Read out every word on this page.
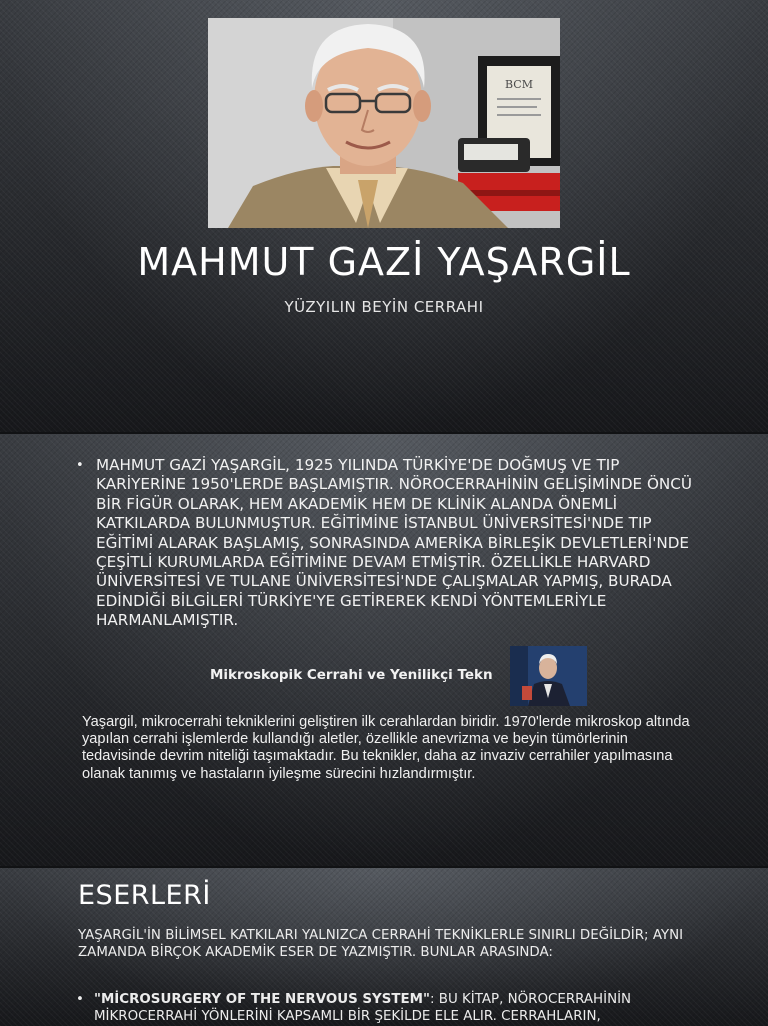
BCM
MAHMUT GAZİ YAŞARGİL

YÜZYILIN BEYİN CERRAHI

• MAHMUT GAZİ YAŞARGİL, 1925 YILINDA TÜRKİYE'DE DOĞMUŞ VE TIP KARİYERİNE 1950'LERDE BAŞLAMIŞTIR. NÖROCERRAHİNİN GELİŞİMİNDE ÖNCÜ BİR FİGÜR OLARAK, HEM AKADEMİK HEM DE KLİNİK ALANDA ÖNEMLİ KATKILARDA BULUNMUŞTUR. EĞİTİMİNE İSTANBUL ÜNİVERSİTESİ'NDE TIP EĞİTİMİ ALARAK BAŞLAMIŞ, SONRASINDA AMERİKA BİRLEŞİK DEVLETLERİ'NDE ÇEŞİTLİ KURUMLARDA EĞİTİMİNE DEVAM ETMİŞTİR. ÖZELLİKLE HARVARD ÜNİVERSİTESİ VE TULANE ÜNİVERSİTESİ'NDE ÇALIŞMALAR YAPMIŞ, BURADA EDİNDİĞİ BİLGİLERİ TÜRKİYE'YE GETİREREK KENDİ YÖNTEMLERİYLE HARMANLAMIŞTIR.

Mikroskopik Cerrahi ve Yenilikçi Tekn

Yaşargil, mikrocerrahi tekniklerini geliştiren ilk cerahlardan biridir. 1970'lerde mikroskop altında yapılan cerrahi işlemlerde kullandığı aletler, özellikle anevrizma ve beyin tümörlerinin tedavisinde devrim niteliği taşımaktadır. Bu teknikler, daha az invaziv cerrahiler yapılmasına olanak tanımış ve hastaların iyileşme sürecini hızlandırmıştır.

ESERLERİ

YAŞARGİL'İN BİLİMSEL KATKILARI YALNIZCA CERRAHİ TEKNİKLERLE SINIRLI DEĞİLDİR; AYNI ZAMANDA BİRÇOK AKADEMİK ESER DE YAZMIŞTIR. BUNLAR ARASINDA:

• "MİCROSURGERY OF THE NERVOUS SYSTEM": BU KİTAP, NÖROCERRAHİNİN MİKROCERRAHİ YÖNLERİNİ KAPSAMLI BİR ŞEKİLDE ELE ALIR. CERRAHLARIN,
